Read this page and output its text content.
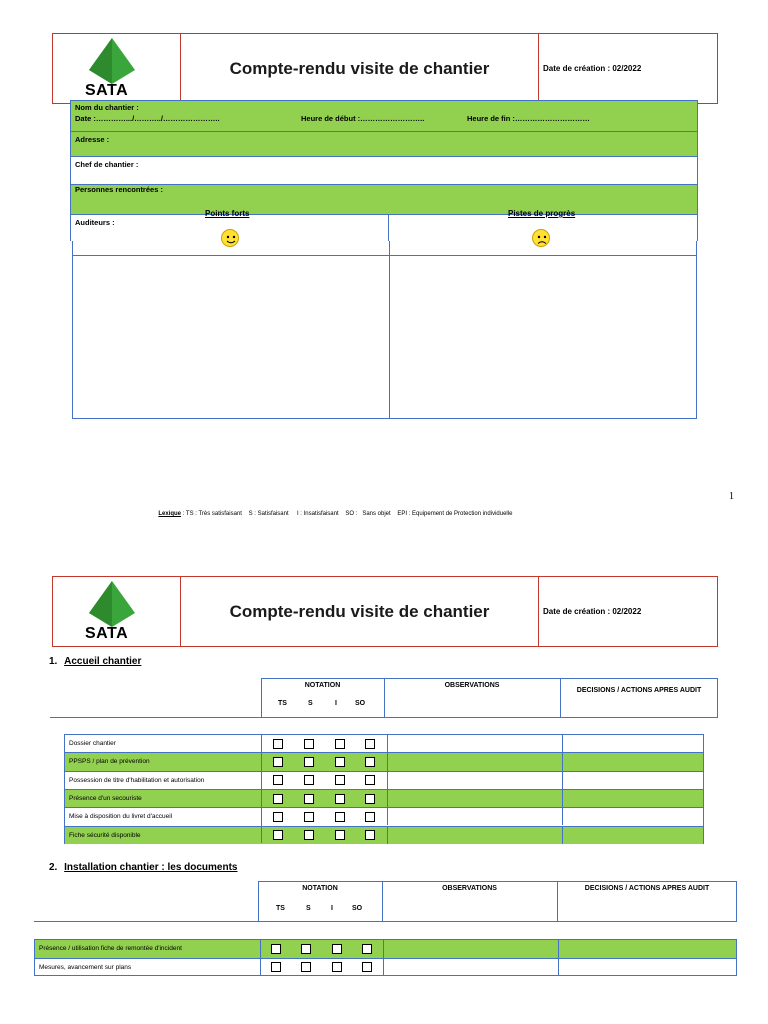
SATA
Compte-rendu visite de chantier	Date de création : 02/2022
Nom du chantier :
Date :………….../………../…………………..	Heure de début :……………………..	Heure de fin :…………………………
Adresse :
Chef de chantier :
Personnes rencontrées :
Auditeurs :
Points forts	Pistes de progrès
1

Lexique : TS : Très satisfaisant    S : Satisfaisant     I : Insatisfaisant    SO :   Sans objet    EPI : Equipement de Protection individuelle

SATA
Compte-rendu visite de chantier	Date de création : 02/2022
1. Accueil chantier
NOTATION
TS	S	I	SO
OBSERVATIONS
DECISIONS / ACTIONS APRES AUDIT
Dossier chantier
PPSPS / plan de prévention
Possession de titre d'habilitation et autorisation
Présence d'un secouriste
Mise à disposition du livret d'accueil
Fiche sécurité disponible
2. Installation chantier : les documents
NOTATION
TS	S	I	SO
OBSERVATIONS	DECISIONS / ACTIONS APRES AUDIT
Présence / utilisation fiche de remontée d'incident
Mesures, avancement sur plans
